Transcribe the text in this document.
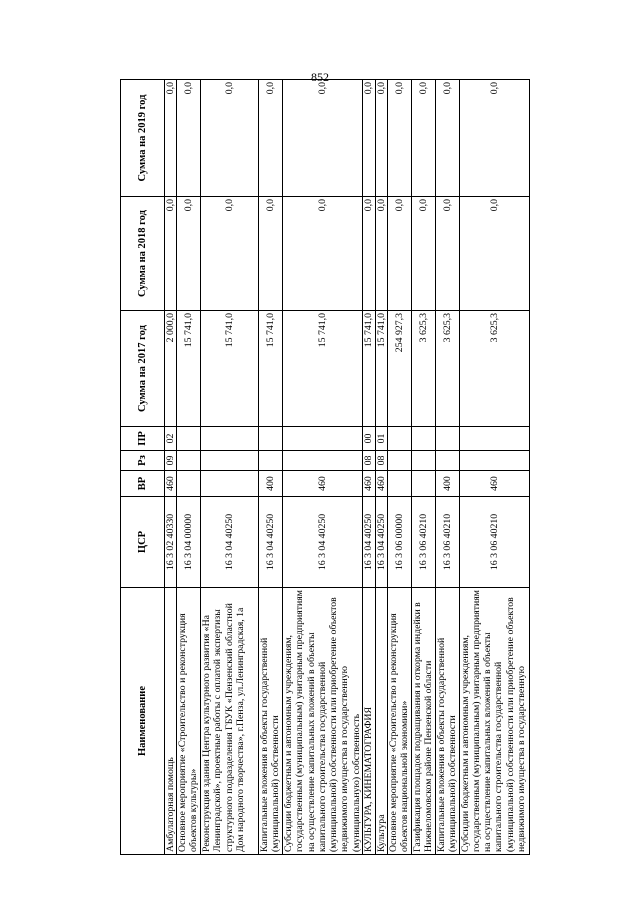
852
Наименование	ЦСР	ВР	Рз	ПР	Сумма на 2017 год	Сумма на 2018 год	Сумма на 2019 год
Амбулаторная помощь	16 3 02 40330	460	09	02	2 000,0	0,0	0,0
Основное мероприятие «Строительство и реконструкция объектов культуры»	16 3 04 00000				15 741,0	0,0	0,0
Реконструкция здания Центра культурного развития «На Ленинградской», проектные работы с оплатой экспертизы структурного подразделения ГБУК «Пензенский областной Дом народного творчества», г.Пенза, ул.Ленинградская, 1а	16 3 04 40250				15 741,0	0,0	0,0
Капитальные вложения в объекты государственной (муниципальной) собственности	16 3 04 40250	400			15 741,0	0,0	0,0
Субсидии бюджетным и автономным учреждениям, государственным (муниципальным) унитарным предприятиям на осуществление капитальных вложений в объекты капитального строительства государственной (муниципальной) собственности или приобретение объектов недвижимого имущества в государственную (муниципальную) собственность	16 3 04 40250	460			15 741,0	0,0	0,0
КУЛЬТУРА, КИНЕМАТОГРАФИЯ	16 3 04 40250	460	08	00	15 741,0	0,0	0,0
Культура	16 3 04 40250	460	08	01	15 741,0	0,0	0,0
Основное мероприятие «Строительство и реконструкция объектов национальной экономики»	16 3 06 00000				254 927,3	0,0	0,0
Газификация площадок подращивания и откорма индейки в Нижнеломовском районе Пензенской области	16 3 06 40210				3 625,3	0,0	0,0
Капитальные вложения в объекты государственной (муниципальной) собственности	16 3 06 40210	400			3 625,3	0,0	0,0
Субсидии бюджетным и автономным учреждениям, государственным (муниципальным) унитарным предприятиям на осуществление капитальных вложений в объекты капитального строительства государственной (муниципальной) собственности или приобретение объектов недвижимого имущества в государственную	16 3 06 40210	460			3 625,3	0,0	0,0
